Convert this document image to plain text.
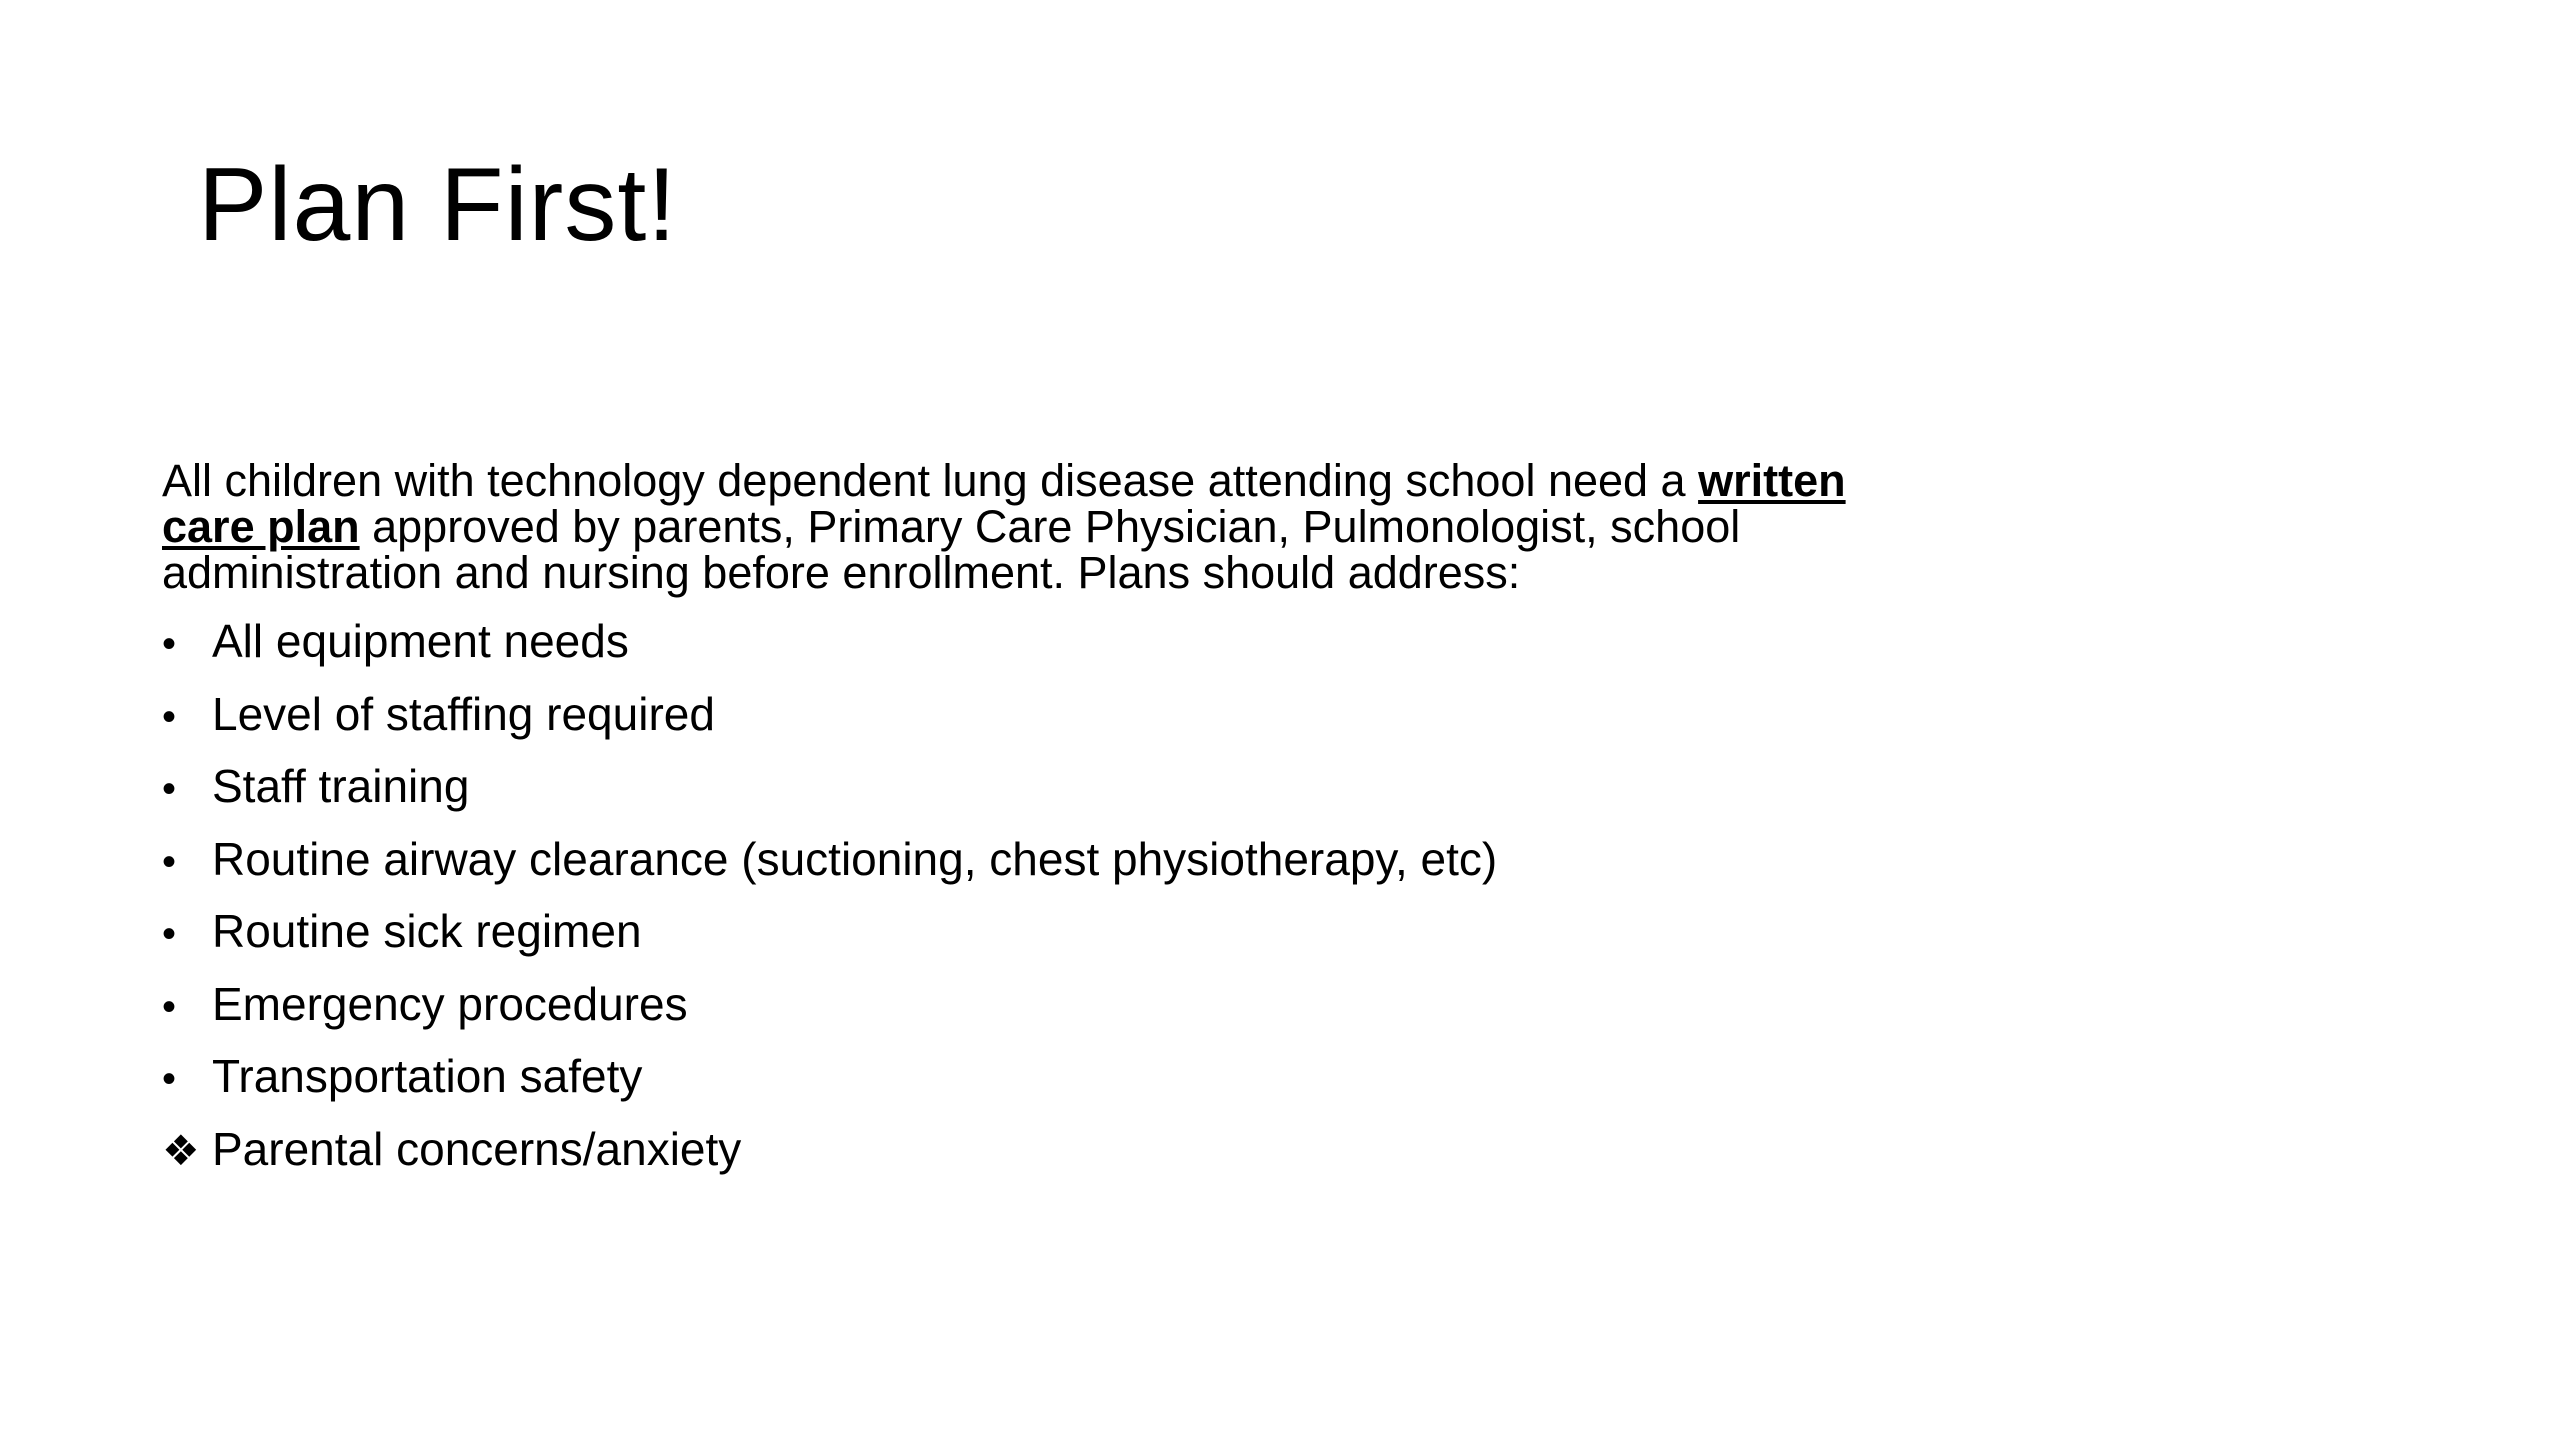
Plan First!

All children with technology dependent lung disease attending school need a written care plan approved by parents, Primary Care Physician, Pulmonologist, school administration and nursing before enrollment. Plans should address:

• All equipment needs
• Level of staffing required
• Staff training
• Routine airway clearance (suctioning, chest physiotherapy, etc)
• Routine sick regimen
• Emergency procedures
• Transportation safety
❖ Parental concerns/anxiety
